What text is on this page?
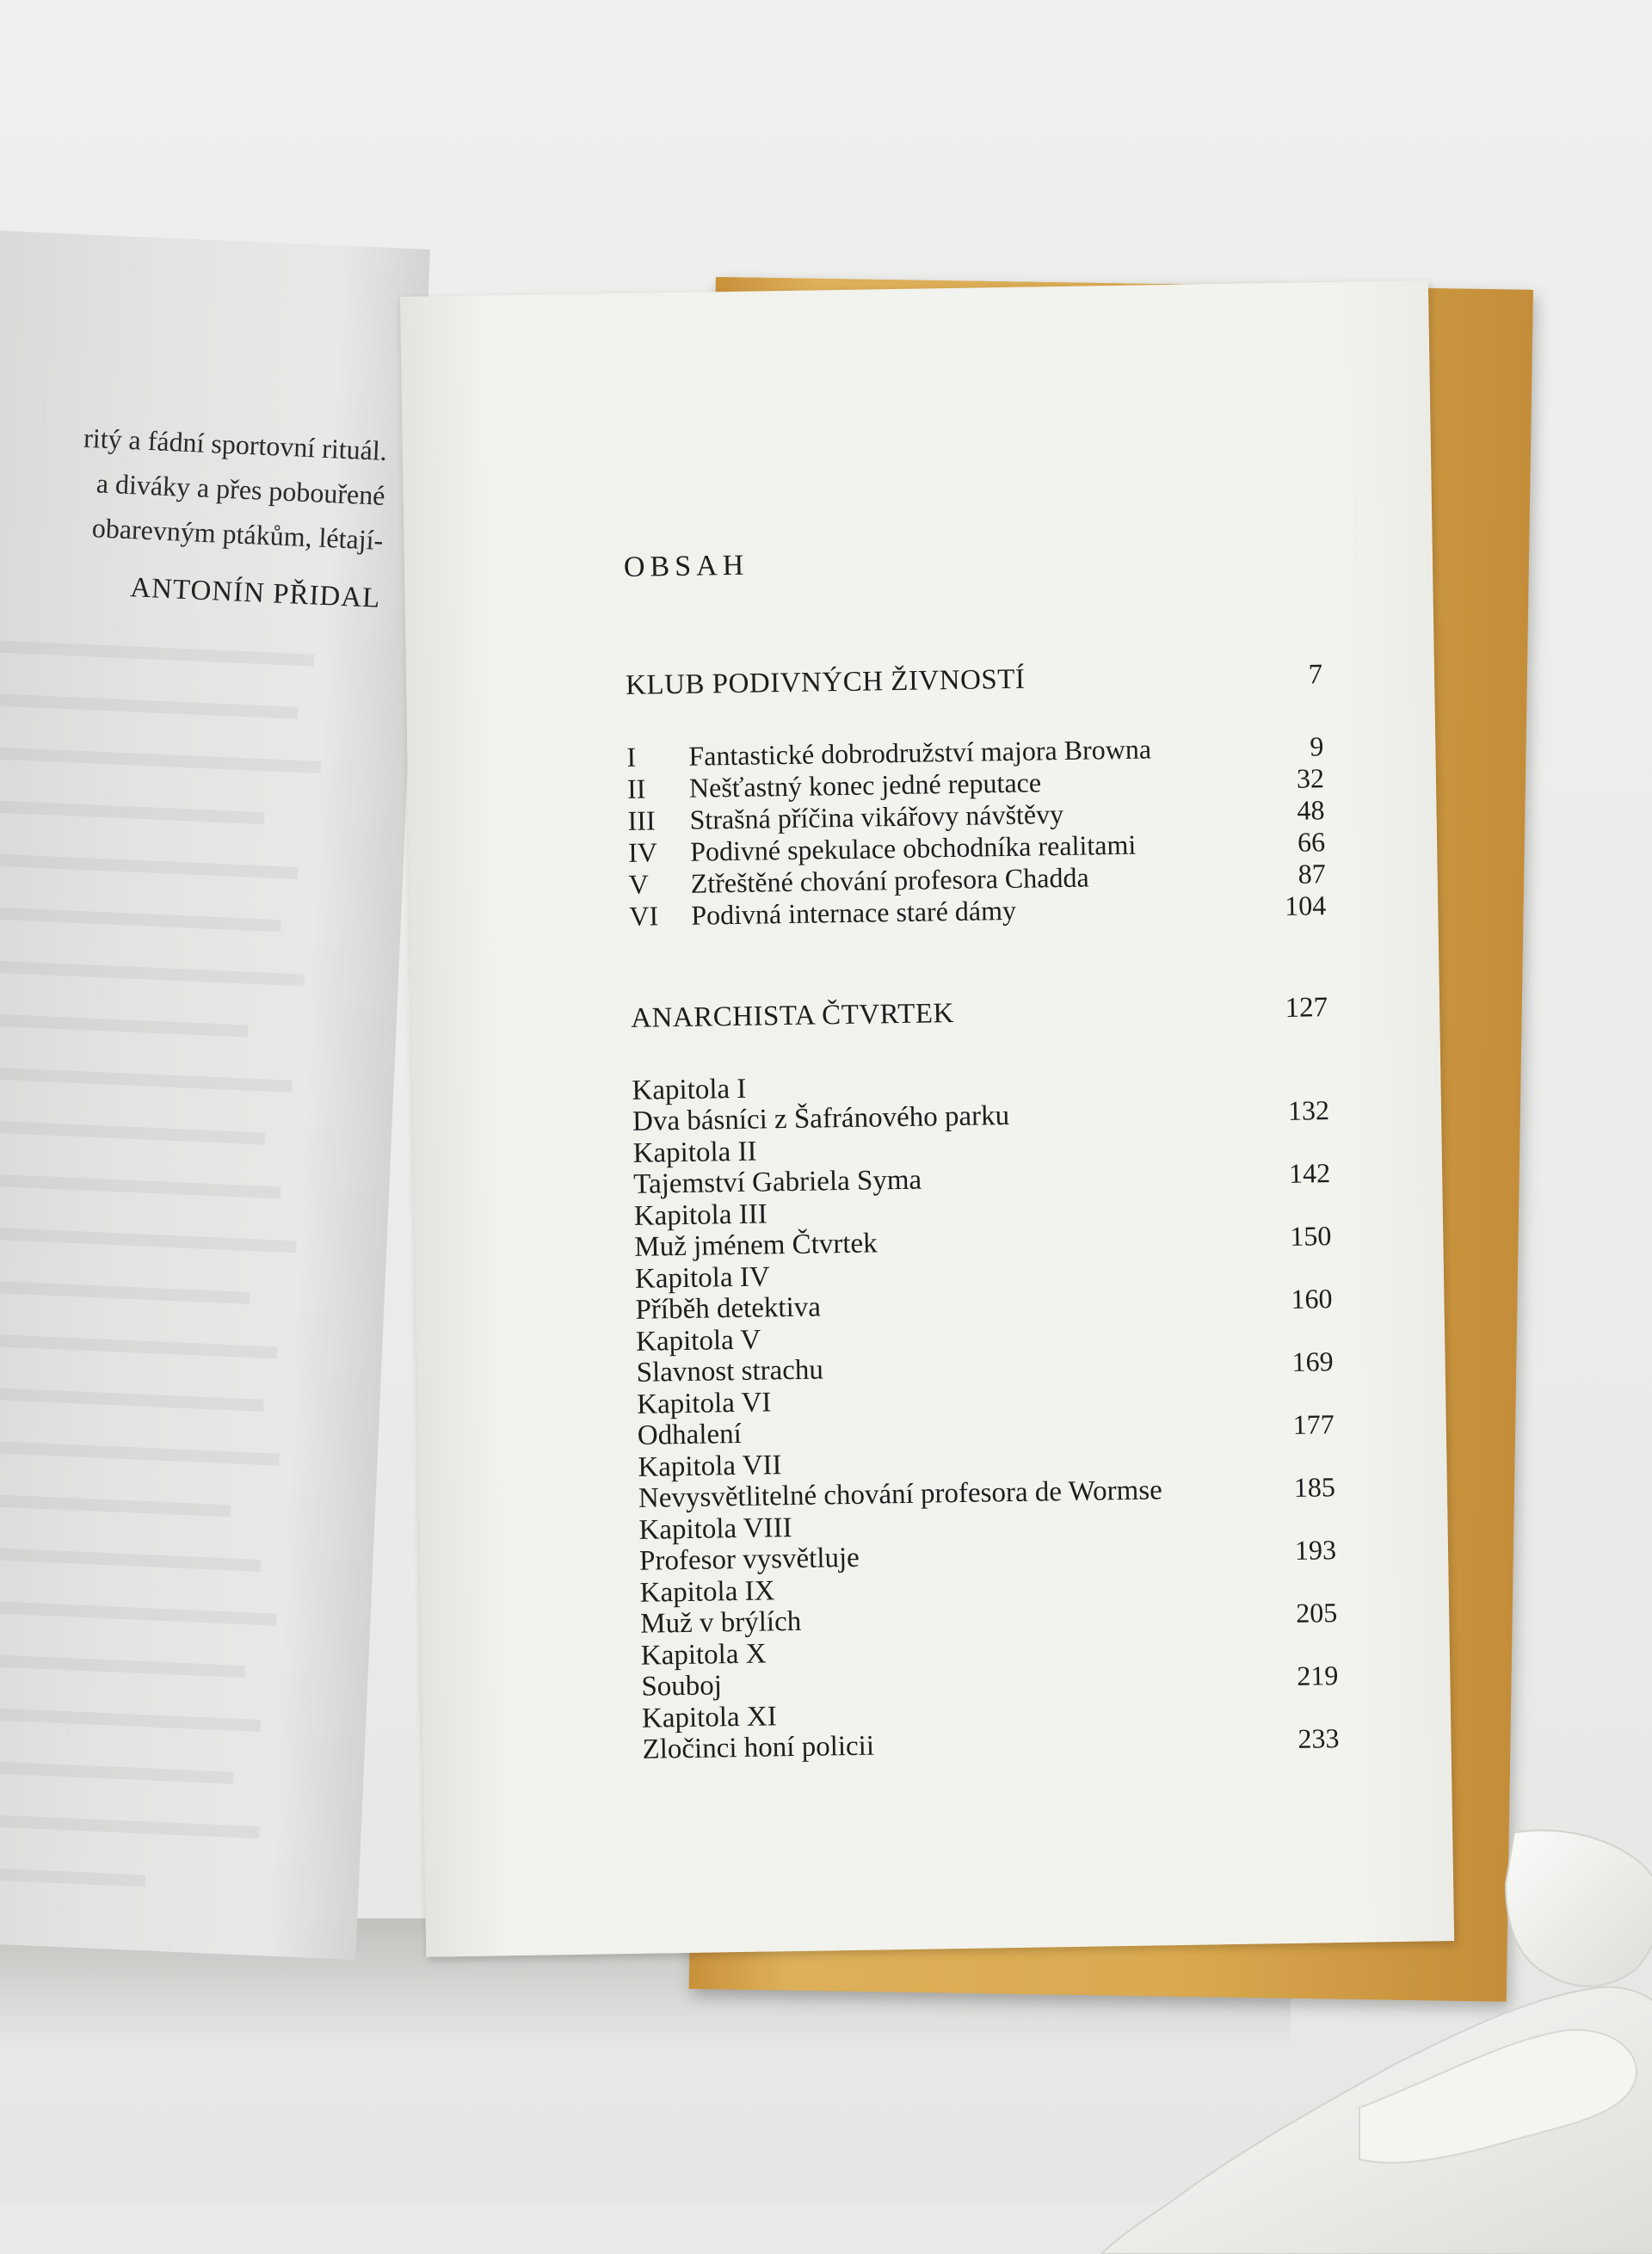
ritý a fádní sportovní rituál.
a diváky a přes pobouřené
obarevným ptákům, létají-
ANTONÍN PŘIDAL
OBSAH
KLUB PODIVNÝCH ŽIVNOSTÍ	7
I	Fantastické dobrodružství majora Browna	9
II	Nešťastný konec jedné reputace	32
III	Strašná příčina vikářovy návštěvy	48
IV	Podivné spekulace obchodníka realitami	66
V	Ztřeštěné chování profesora Chadda	87
VI	Podivná internace staré dámy	104
ANARCHISTA ČTVRTEK	127
Kapitola I
Dva básníci z Šafránového parku	132
Kapitola II
Tajemství Gabriela Syma	142
Kapitola III
Muž jménem Čtvrtek	150
Kapitola IV
Příběh detektiva	160
Kapitola V
Slavnost strachu	169
Kapitola VI
Odhalení	177
Kapitola VII
Nevysvětlitelné chování profesora de Wormse	185
Kapitola VIII
Profesor vysvětluje	193
Kapitola IX
Muž v brýlích	205
Kapitola X
Souboj	219
Kapitola XI
Zločinci honí policii	233
